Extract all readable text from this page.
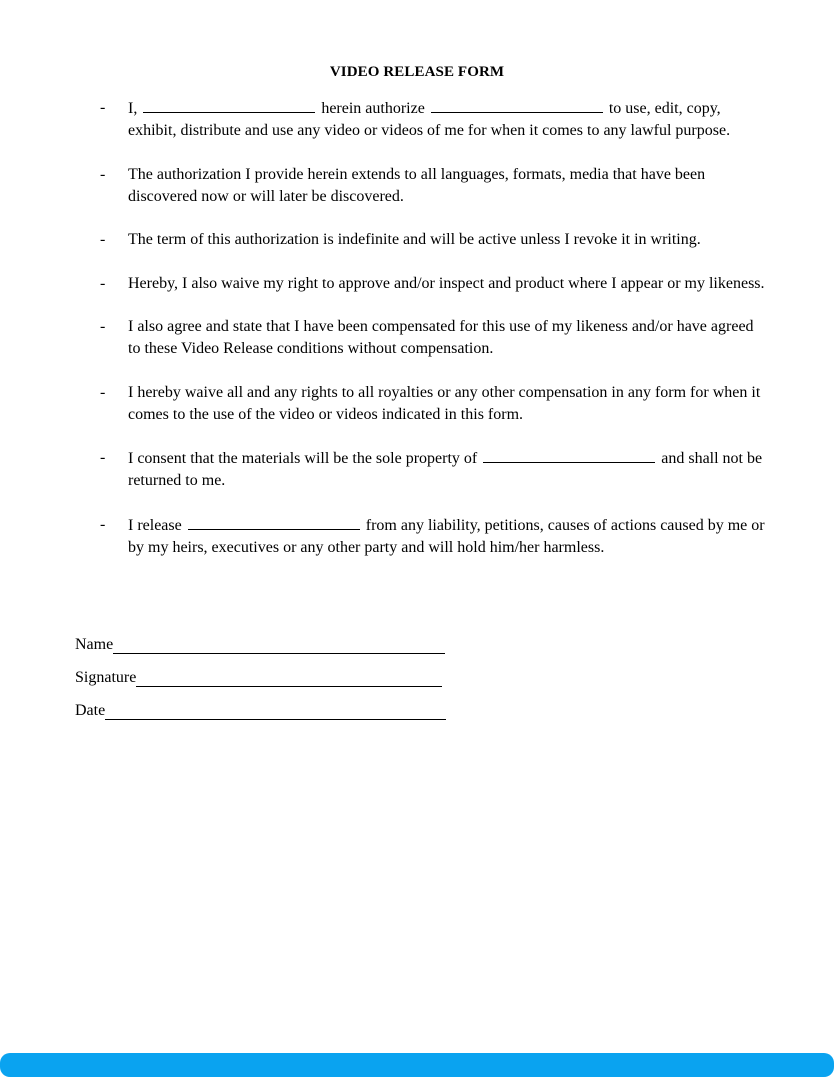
VIDEO RELEASE FORM
- I,	herein authorize	to use, edit, copy, exhibit, distribute and use any video or videos of me for when it comes to any lawful purpose.
- The authorization I provide herein extends to all languages, formats, media that have been discovered now or will later be discovered.
- The term of this authorization is indefinite and will be active unless I revoke it in writing.
- Hereby, I also waive my right to approve and/or inspect and product where I appear or my likeness.
- I also agree and state that I have been compensated for this use of my likeness and/or have agreed to these Video Release conditions without compensation.
- I hereby waive all and any rights to all royalties or any other compensation in any form for when it comes to the use of the video or videos indicated in this form.
- I consent that the materials will be the sole property of	and shall not be returned to me.
- I release	from any liability, petitions, causes of actions caused by me or by my heirs, executives or any other party and will hold him/her harmless.
Name
Signature
Date
